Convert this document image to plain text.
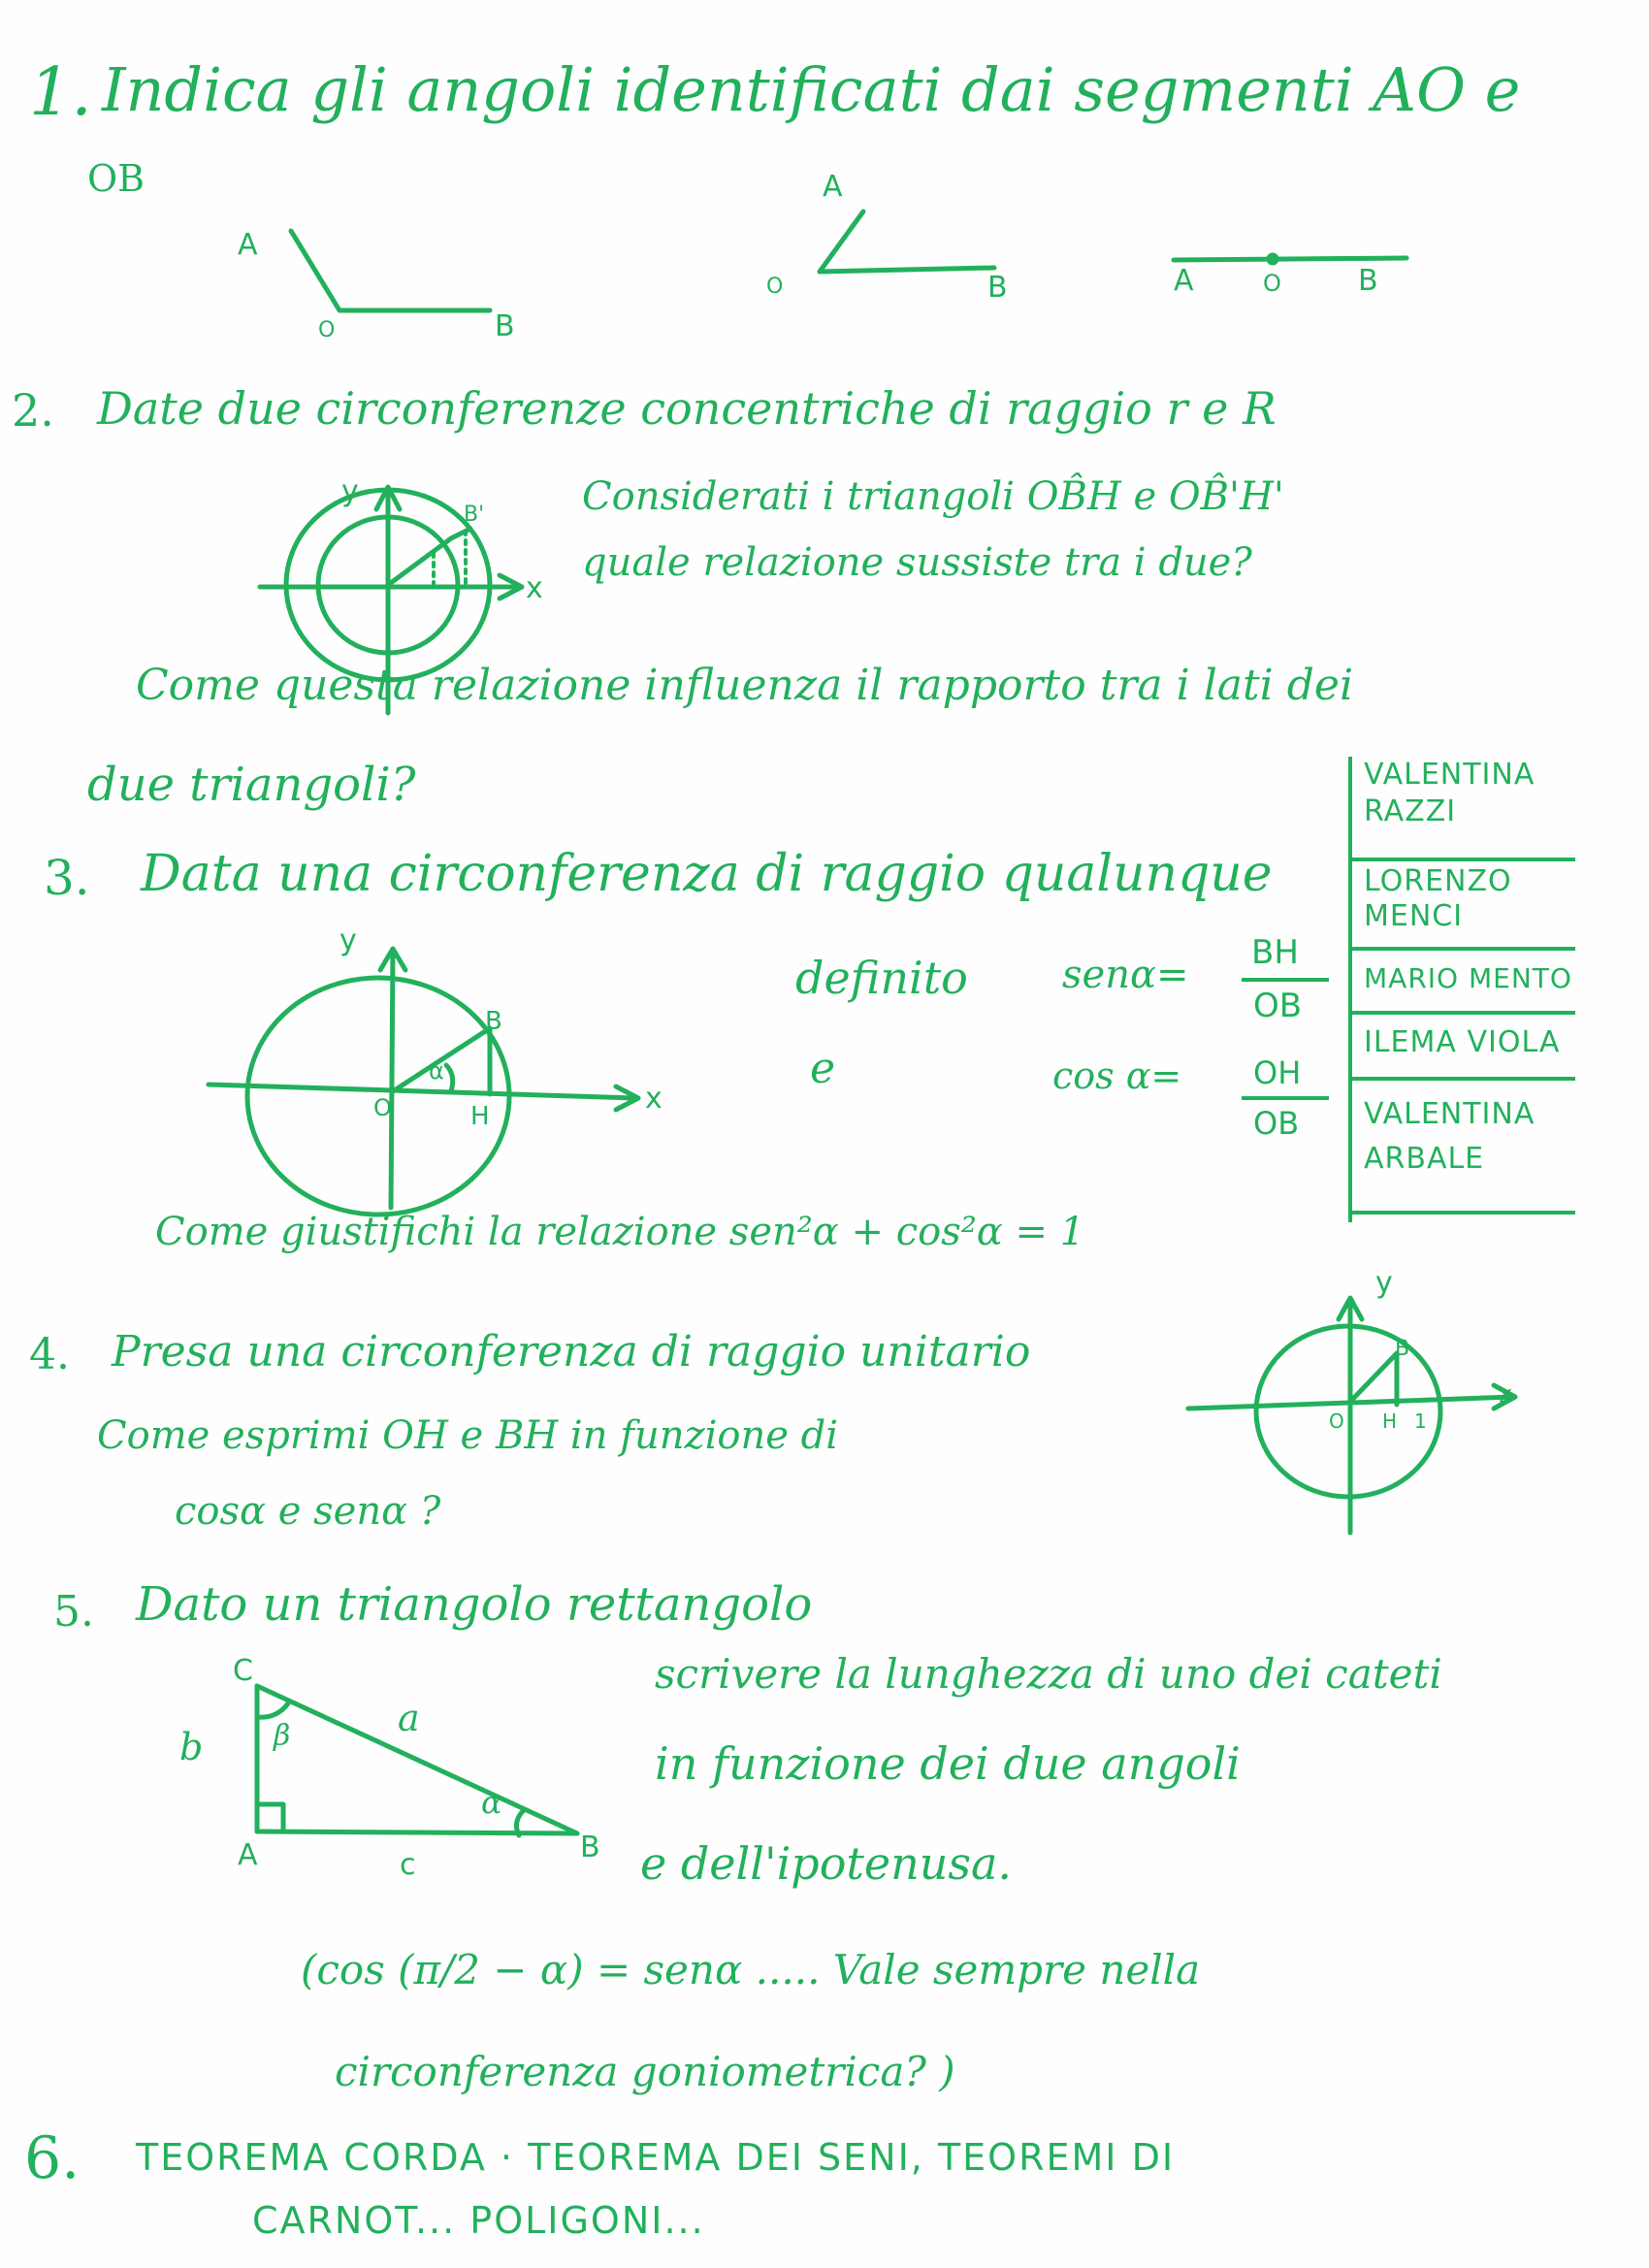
1. Indica gli angoli identificati dai segmenti AO e
OB
A
O	B
A
O	B	A	O	B
2. Date due circonferenze concentriche di raggio r e R
Considerati i triangoli OB̂H e OB̂'H'
quale relazione sussiste tra i due?
Come questa relazione influenza il rapporto tra i lati dei
due triangoli?
y
x
B'
3. Data una circonferenza di raggio qualunque
definito senα= BH
OB
e	cos α= OH
OB
Come giustifichi la relazione sen²α + cos²α = 1
y
x
B
O	H
α
VALENTINA
RAZZI
LORENZO
MENCI
MARIO MENTO
ILEMA VIOLA
VALENTINA
ARBALE
4. Presa una circonferenza di raggio unitario
Come esprimi OH e BH in funzione di
cosα e senα ?
y
x
B
O H 1
5. Dato un triangolo rettangolo
scrivere la lunghezza di uno dei cateti
in funzione dei due angoli
e dell'ipotenusa.
(cos (π/2 − α) = senα ..... Vale sempre nella
circonferenza goniometrica? )
C
b β	a
α
A	c
B
6. TEOREMA CORDA · TEOREMA DEI SENI, TEOREMI DI
CARNOT... POLIGONI...
